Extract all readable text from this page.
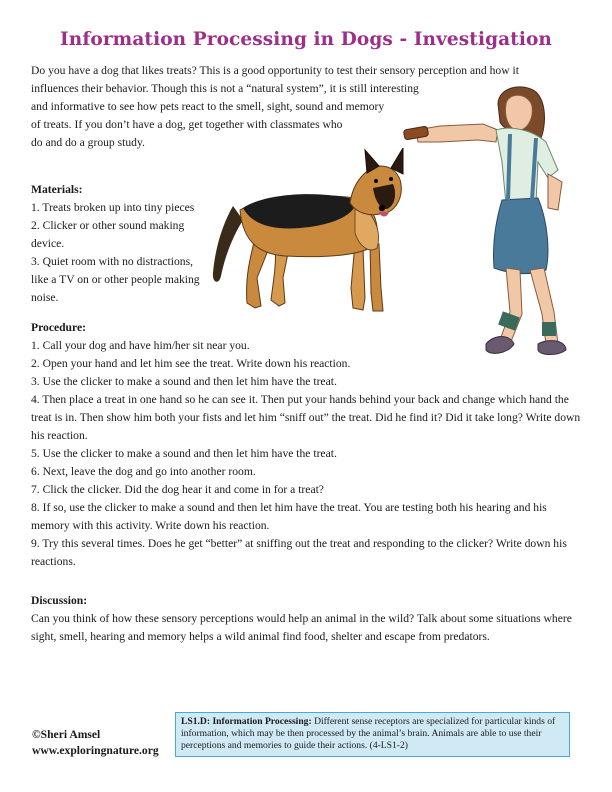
Information Processing in Dogs - Investigation
Do you have a dog that likes treats? This is a good opportunity to test their sensory perception and how it
influences their behavior. Though this is not a “natural system”, it is still interesting
and informative to see how pets react to the smell, sight, sound and memory
of treats. If you don’t have a dog, get together with classmates who
do and do a group study.
Materials:
1. Treats broken up into tiny pieces
2. Clicker or other sound making
device.
3. Quiet room with no distractions,
like a TV on or other people making
noise.
Procedure:
1. Call your dog and have him/her sit near you.
2. Open your hand and let him see the treat. Write down his reaction.
3. Use the clicker to make a sound and then let him have the treat.
4. Then place a treat in one hand so he can see it. Then put your hands behind your back and change which hand the treat is in. Then show him both your fists and let him “sniff out” the treat. Did he find it? Did it take long? Write down his reaction.
5. Use the clicker to make a sound and then let him have the treat.
6. Next, leave the dog and go into another room.
7. Click the clicker. Did the dog hear it and come in for a treat?
8. If so, use the clicker to make a sound and then let him have the treat. You are testing both his hearing and his memory with this activity. Write down his reaction.
9. Try this several times. Does he get “better” at sniffing out the treat and responding to the clicker? Write down his reactions.
Discussion:
Can you think of how these sensory perceptions would help an animal in the wild? Talk about some situations where sight, smell, hearing and memory helps a wild animal find food, shelter and escape from predators.
©Sheri Amsel
www.exploringnature.org
LS1.D: Information Processing: Different sense receptors are specialized for particular kinds of information, which may be then processed by the animal’s brain. Animals are able to use their perceptions and memories to guide their actions. (4-LS1-2)
